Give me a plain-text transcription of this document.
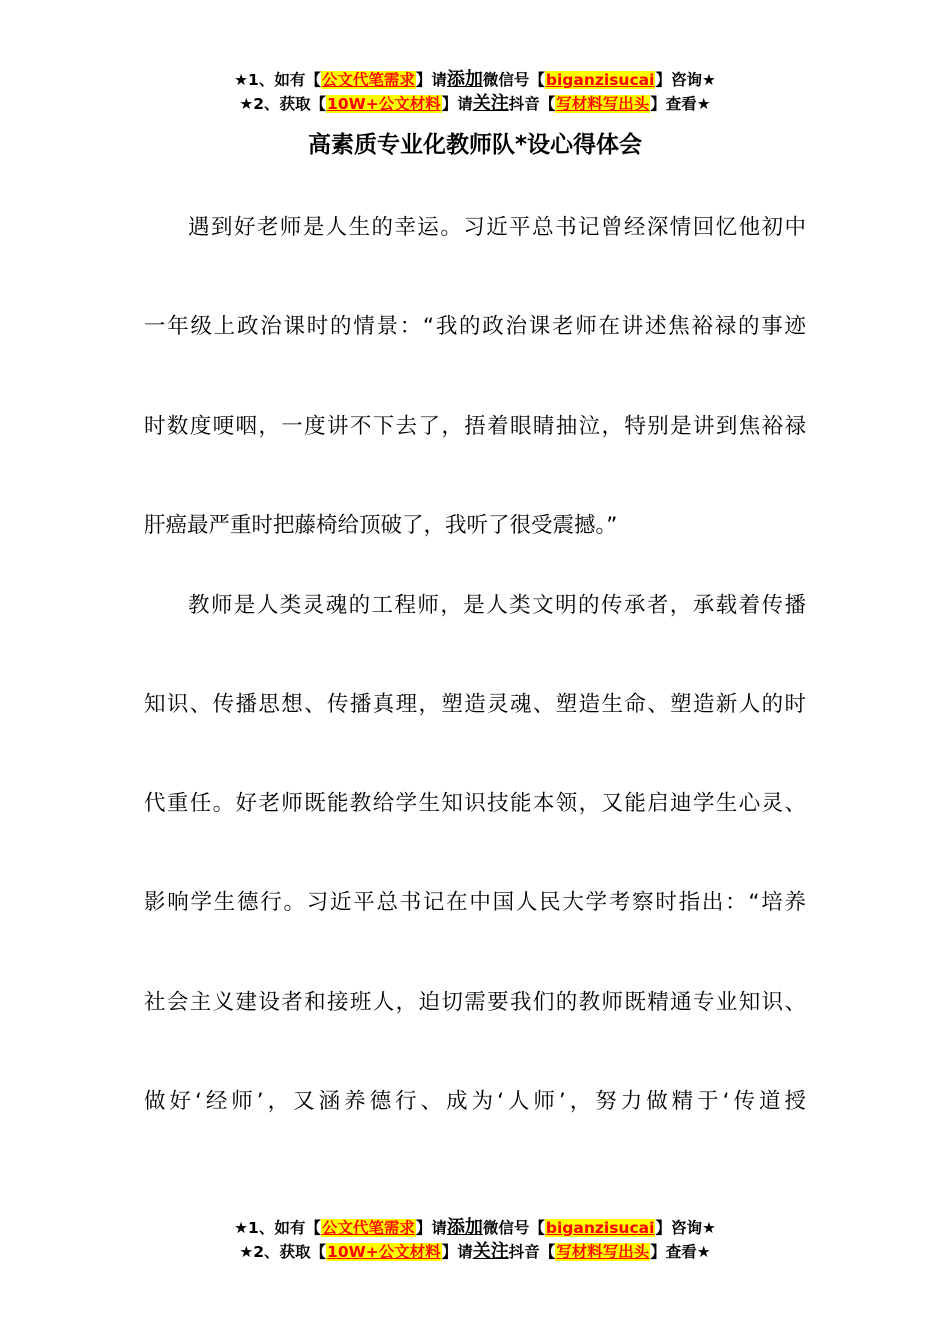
★1、如有【公文代笔需求】请添加微信号【biganzisucai】咨询★
★2、获取【10W+公文材料】请关注抖音【写材料写出头】查看★
高素质专业化教师队*设心得体会
遇到好老师是人生的幸运。习近平总书记曾经深情回忆他初中
一年级上政治课时的情景：“我的政治课老师在讲述焦裕禄的事迹
时数度哽咽，一度讲不下去了，捂着眼睛抽泣，特别是讲到焦裕禄
肝癌最严重时把藤椅给顶破了，我听了很受震撼。”
教师是人类灵魂的工程师，是人类文明的传承者，承载着传播
知识、传播思想、传播真理，塑造灵魂、塑造生命、塑造新人的时
代重任。好老师既能教给学生知识技能本领，又能启迪学生心灵、
影响学生德行。习近平总书记在中国人民大学考察时指出：“培养
社会主义建设者和接班人，迫切需要我们的教师既精通专业知识、
做好‘经师’，又涵养德行、成为‘人师’，努力做精于‘传道授
★1、如有【公文代笔需求】请添加微信号【biganzisucai】咨询★
★2、获取【10W+公文材料】请关注抖音【写材料写出头】查看★
